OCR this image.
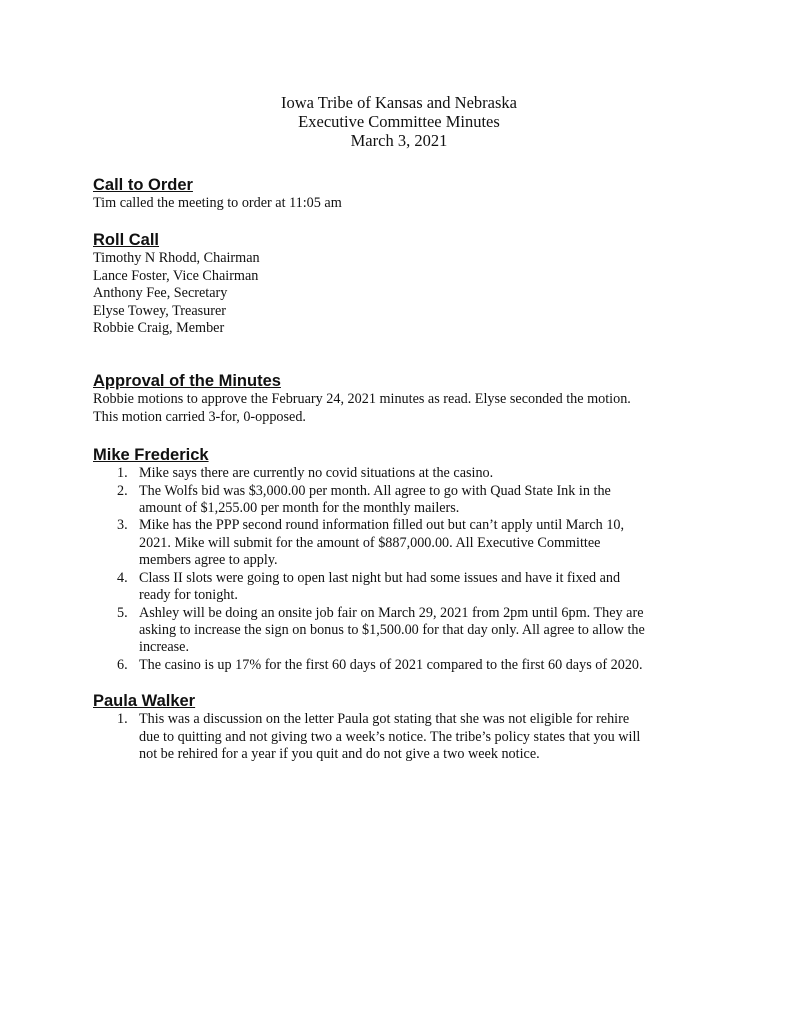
Iowa Tribe of Kansas and Nebraska
Executive Committee Minutes
March 3, 2021
Call to Order

Tim called the meeting to order at 11:05 am

Roll Call
Timothy N Rhodd, Chairman
Lance Foster, Vice Chairman
Anthony Fee, Secretary
Elyse Towey, Treasurer
Robbie Craig, Member
Approval of the Minutes

Robbie motions to approve the February 24, 2021 minutes as read. Elyse seconded the motion.

This motion carried 3-for, 0-opposed.

Mike Frederick
1. Mike says there are currently no covid situations at the casino.
2. The Wolfs bid was $3,000.00 per month. All agree to go with Quad State Ink in the
amount of $1,255.00 per month for the monthly mailers.
3. Mike has the PPP second round information filled out but can’t apply until March 10,
2021. Mike will submit for the amount of $887,000.00. All Executive Committee
members agree to apply.
4. Class II slots were going to open last night but had some issues and have it fixed and
ready for tonight.
5. Ashley will be doing an onsite job fair on March 29, 2021 from 2pm until 6pm. They are
asking to increase the sign on bonus to $1,500.00 for that day only. All agree to allow the
increase.
6. The casino is up 17% for the first 60 days of 2021 compared to the first 60 days of 2020.
Paula Walker
1. This was a discussion on the letter Paula got stating that she was not eligible for rehire
due to quitting and not giving two a week’s notice. The tribe’s policy states that you will
not be rehired for a year if you quit and do not give a two week notice.
